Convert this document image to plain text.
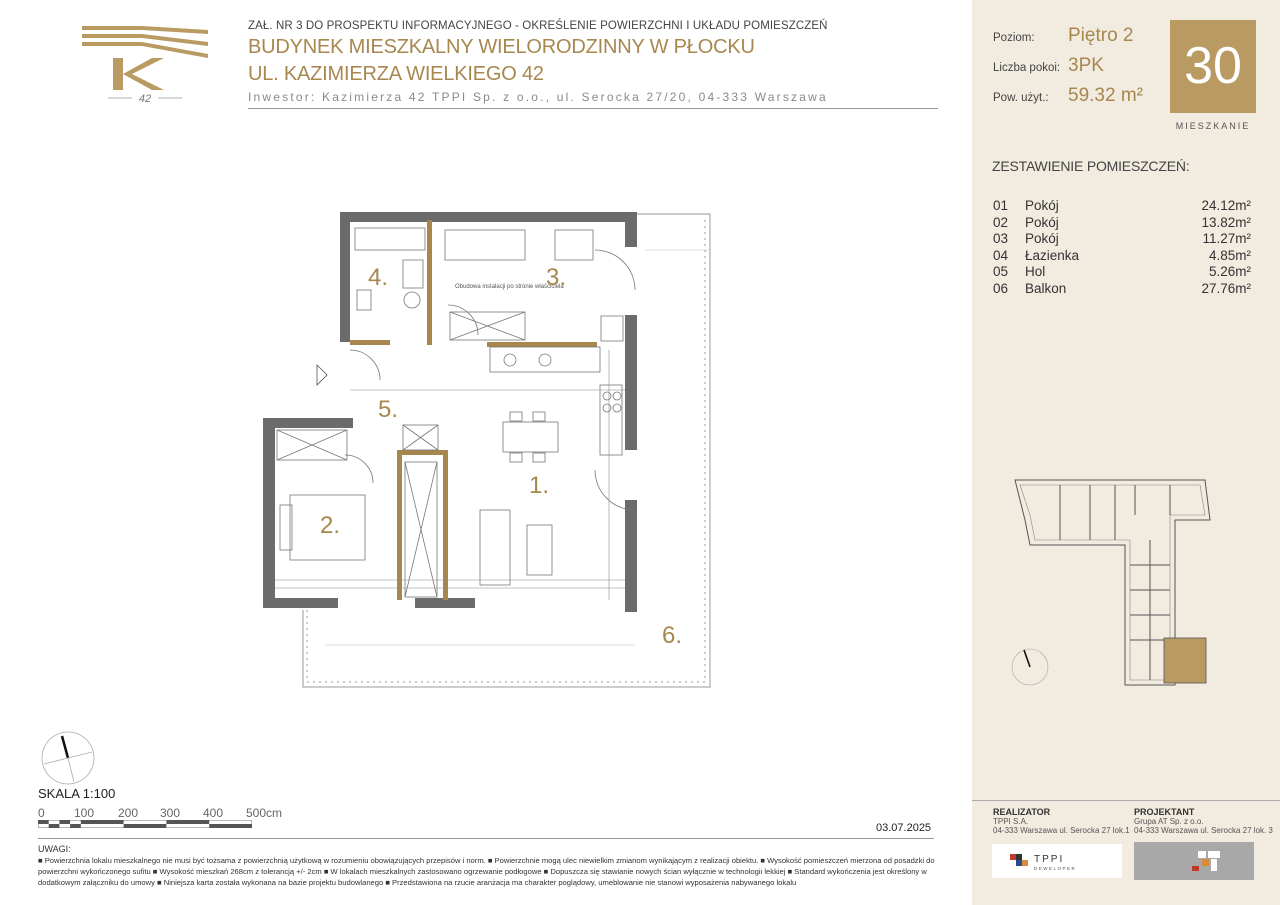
42
ZAŁ. NR 3 DO PROSPEKTU INFORMACYJNEGO - OKREŚLENIE POWIERZCHNI I UKŁADU POMIESZCZEŃ
BUDYNEK MIESZKALNY WIELORODZINNY W PŁOCKU
UL. KAZIMIERZA WIELKIEGO 42
Inwestor: Kazimierza 42 TPPI Sp. z o.o., ul. Serocka 27/20, 04-333 Warszawa
Obudowa instalacji po stronie właściciela
1.
2.
3.
4.
5.
6.
SKALA 1:100
0 100 200 300 400 500cm
03.07.2025
UWAGI:
■ Powierzchnia lokalu mieszkalnego nie musi być tożsama z powierzchnią użytkową w rozumieniu obowiązujących przepisów i norm. ■ Powierzchnie mogą ulec niewielkim zmianom wynikającym z realizacji obiektu. ■ Wysokość pomieszczeń mierzona od posadzki do powierzchni wykończonego sufitu ■ Wysokość mieszkań 268cm z tolerancją +/- 2cm ■ W lokalach mieszkalnych zastosowano ogrzewanie podłogowe ■ Dopuszcza się stawianie nowych ścian wyłącznie w technologii lekkiej ■ Standard wykończenia jest określony w dodatkowym załączniku do umowy ■ Niniejsza karta została wykonana na bazie projektu budowlanego ■ Przedstawiona na rzucie aranżacja ma charakter poglądowy, umeblowanie nie stanowi wyposażenia nabywanego lokalu
Poziom: Piętro 2
Liczba pokoi: 3PK
Pow. użyt.: 59.32 m²
30
MIESZKANIE
ZESTAWIENIE POMIESZCZEŃ:
01 Pokój	24.12m²
02 Pokój	13.82m²
03 Pokój	11.27m²
04 Łazienka	4.85m²
05 Hol	5.26m²
06 Balkon	27.76m²
REALIZATOR
TPPI S.A.
04-333 Warszawa ul. Serocka 27 lok.1
PROJEKTANT
Grupa AT Sp. z o.o.
04-333 Warszawa ul. Serocka 27 lok. 3
TPPI
DEWELOPER
